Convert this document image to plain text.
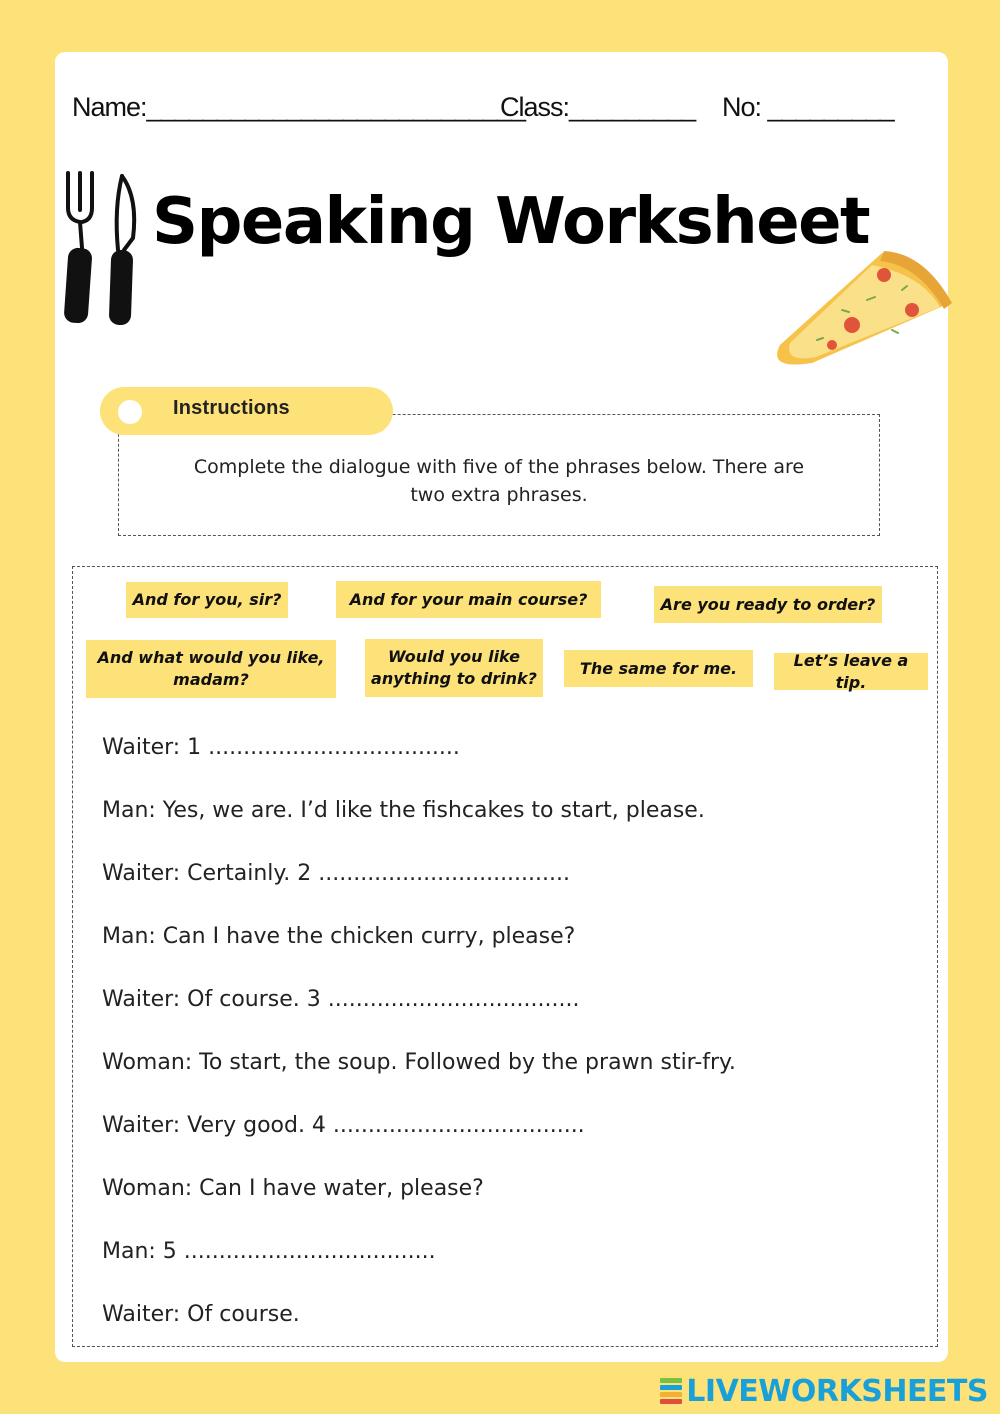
Name:___________________________
Class:_________ No: _________
Speaking Worksheet
Complete the dialogue with five of the phrases below. There are two extra phrases.
Instructions
And for you, sir?	And for your main course?	Are you ready to order?
And what would you like, madam?
Would you like anything to drink?
The same for me.	Let’s leave a tip.
Waiter: 1 ....................................
Man: Yes, we are. I’d like the fishcakes to start, please.
Waiter: Certainly. 2 ....................................
Man: Can I have the chicken curry, please?
Waiter: Of course. 3 ....................................
Woman: To start, the soup. Followed by the prawn stir-fry.
Waiter: Very good. 4 ....................................
Woman: Can I have water, please?
Man: 5 ....................................
Waiter: Of course.
LIVEWORKSHEETS
